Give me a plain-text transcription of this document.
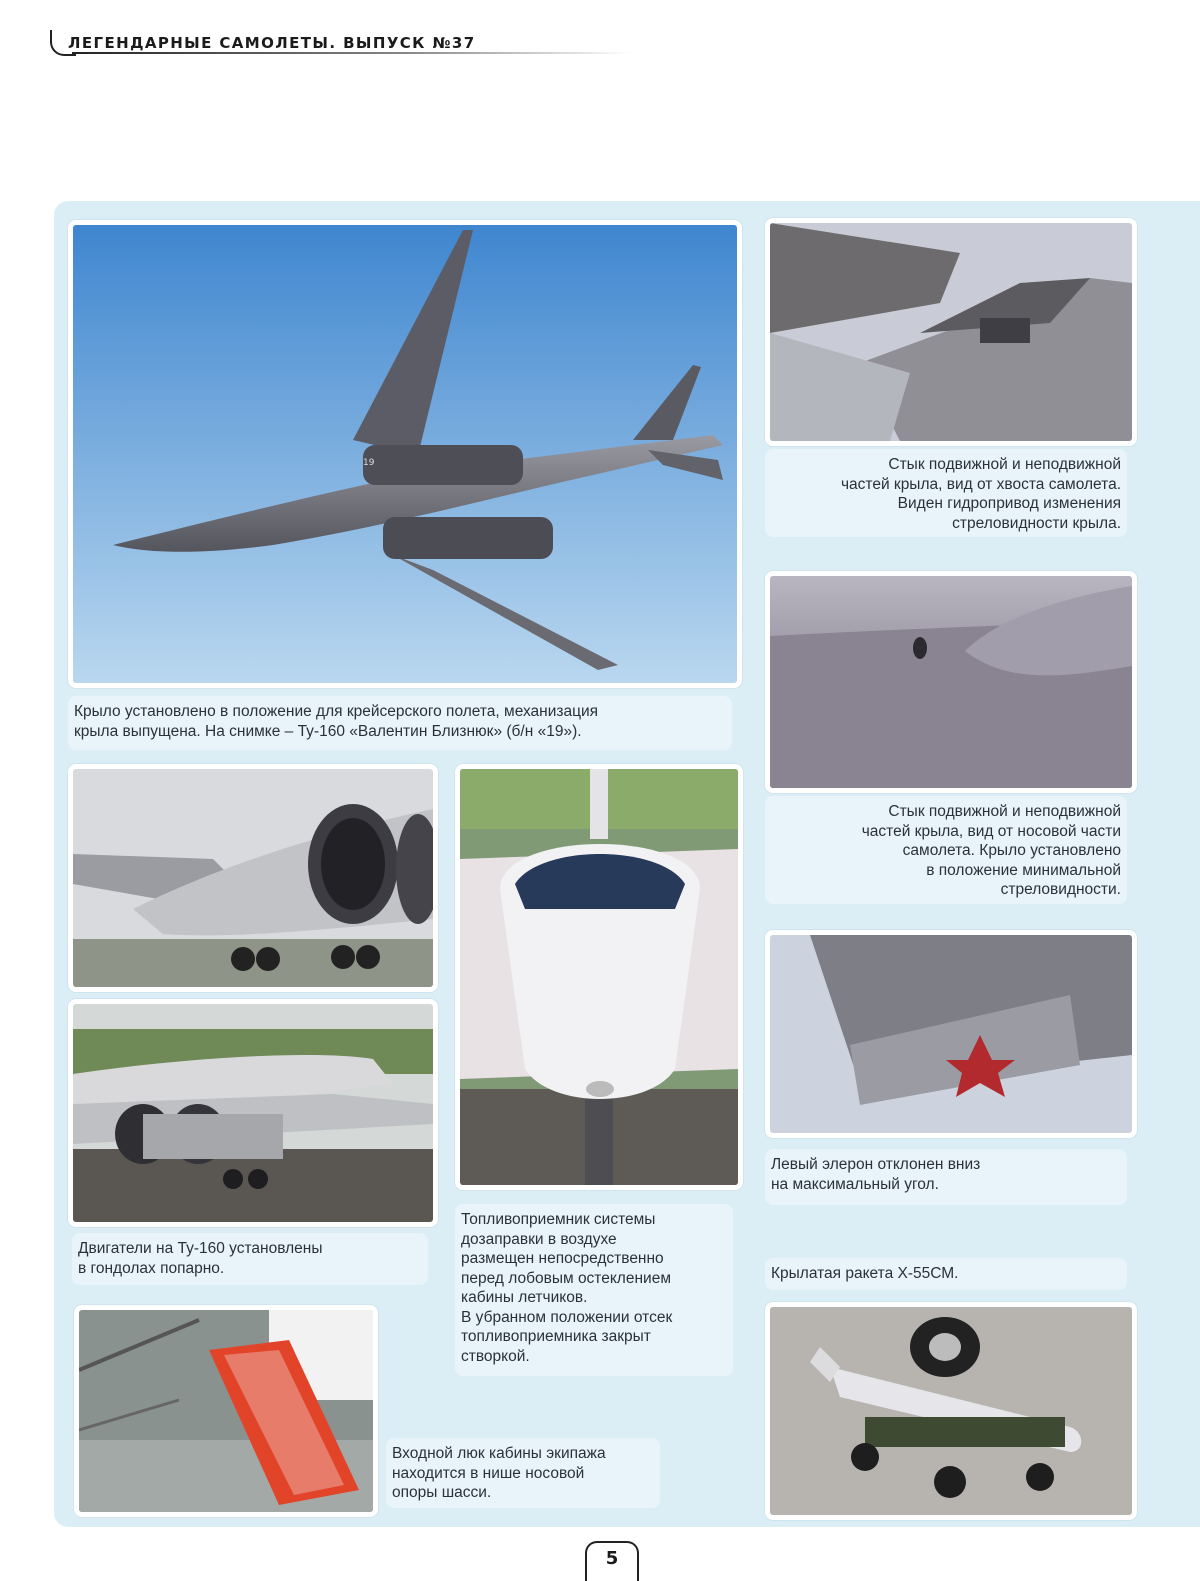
ЛЕГЕНДАРНЫЕ САМОЛЕТЫ. ВЫПУСК №37
19
Крыло установлено в положение для крейсерского полета, механизация
крыла выпущена. На снимке – Ту-160 «Валентин Близнюк» (б/н «19»).
Стык подвижной и неподвижной
частей крыла, вид от хвоста самолета.
Виден гидропривод изменения
стреловидности крыла.
Стык подвижной и неподвижной
частей крыла, вид от носовой части
самолета. Крыло установлено
в положение минимальной
стреловидности.
Левый элерон отклонен вниз
на максимальный угол.
Топливоприемник системы
дозаправки в воздухе
размещен непосредственно
перед лобовым остеклением
кабины летчиков.
В убранном положении отсек
топливоприемника закрыт
створкой.
Двигатели на Ту-160 установлены
в гондолах попарно.	Крылатая ракета Х-55СМ.
Входной люк кабины экипажа
находится в нише носовой
опоры шасси.
5
